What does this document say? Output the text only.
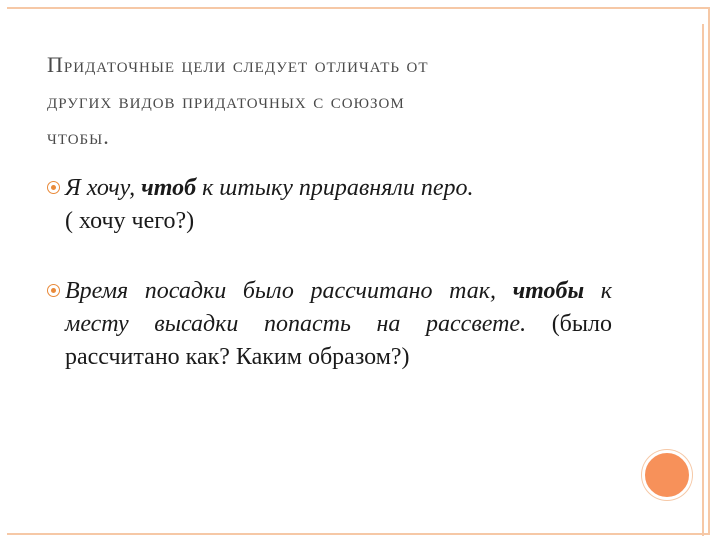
Придаточные цели следует отличать от
других видов придаточных с союзом
чтобы.
Я хочу, чтоб к штыку приравняли перо.
( хочу чего?)
Время посадки было рассчитано так, чтобы к месту высадки попасть на рассвете. (было рассчитано как? Каким образом?)
